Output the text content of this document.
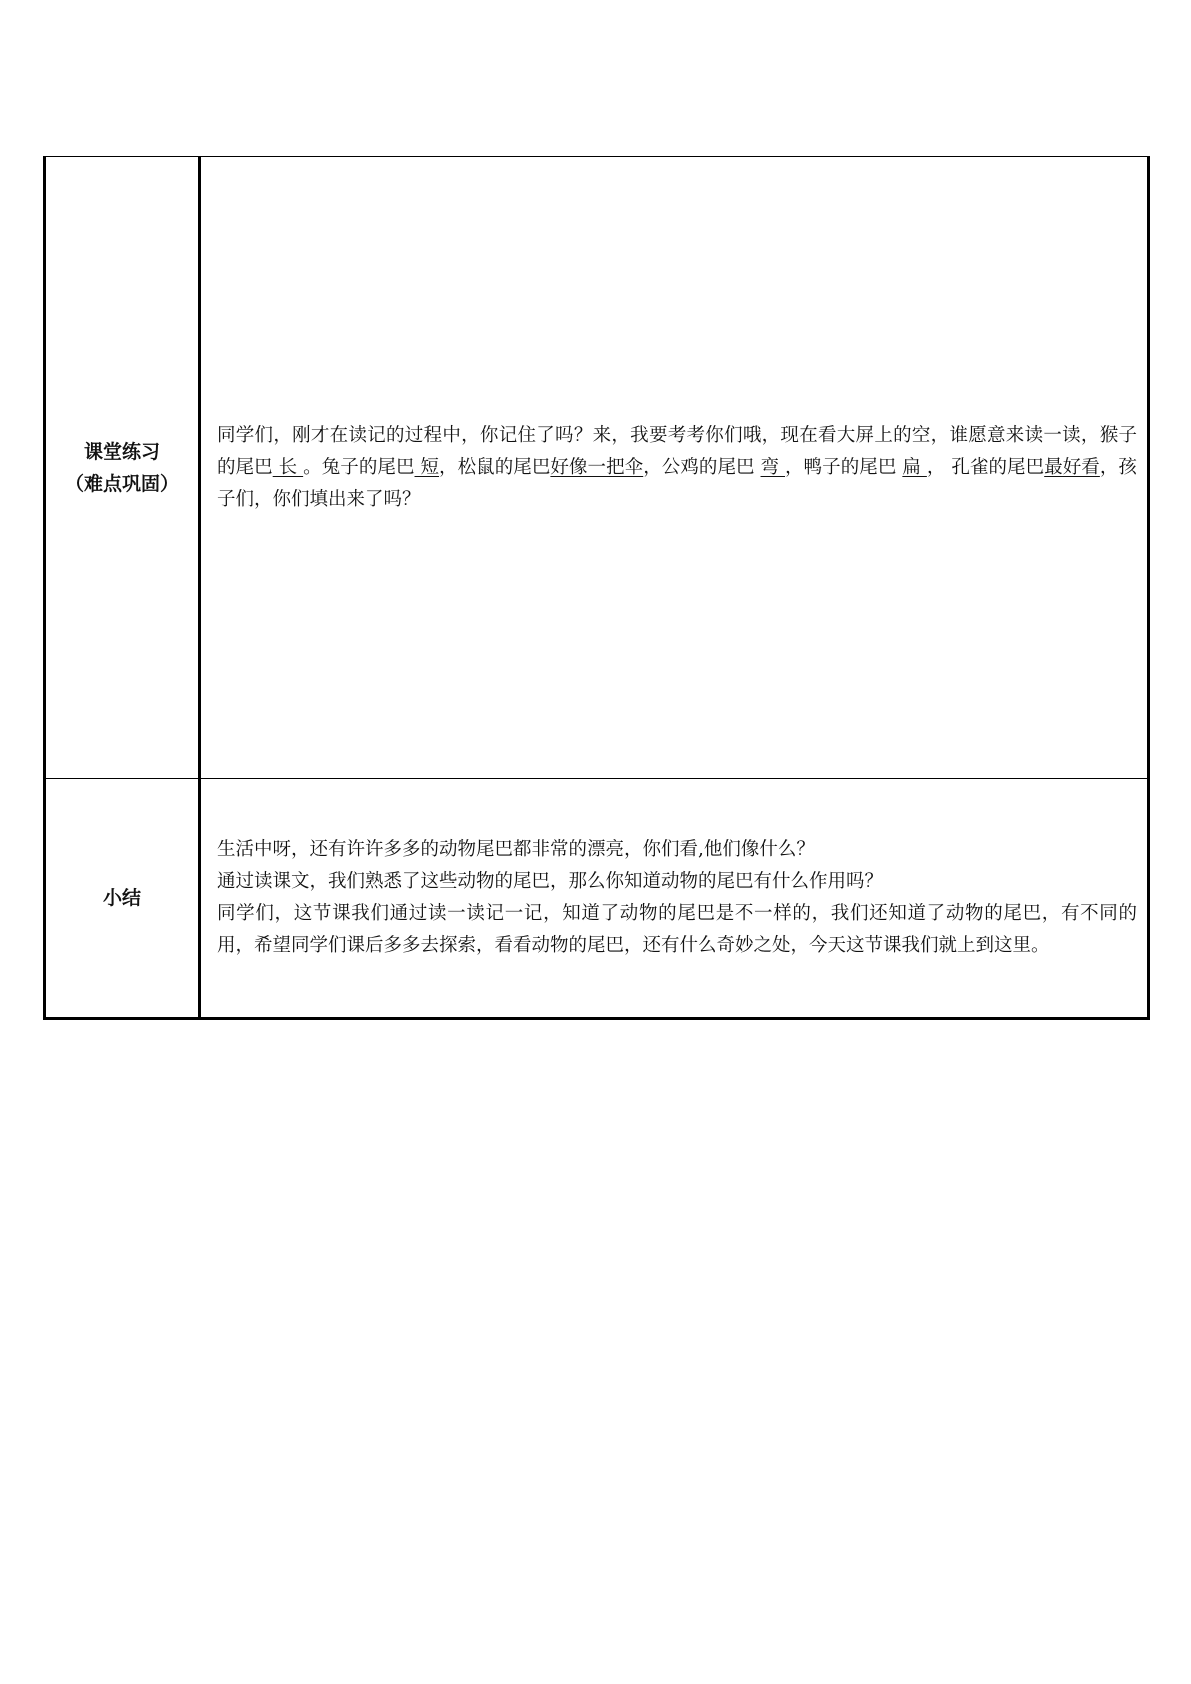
课堂练习
（难点巩固）	同学们，刚才在读记的过程中，你记住了吗？来，我要考考你们哦，现在看大屏上的空，谁愿意来读一读，猴子的尾巴 长 。兔子的尾巴 短，松鼠的尾巴好像一把伞，公鸡的尾巴 弯 ，鸭子的尾巴 扁 ， 孔雀的尾巴最好看，孩子们，你们填出来了吗？

小结	生活中呀，还有许许多多的动物尾巴都非常的漂亮，你们看,他们像什么？

通过读课文，我们熟悉了这些动物的尾巴，那么你知道动物的尾巴有什么作用吗？

同学们，这节课我们通过读一读记一记，知道了动物的尾巴是不一样的，我们还知道了动物的尾巴，有不同的用，希望同学们课后多多去探索，看看动物的尾巴，还有什么奇妙之处，今天这节课我们就上到这里。
